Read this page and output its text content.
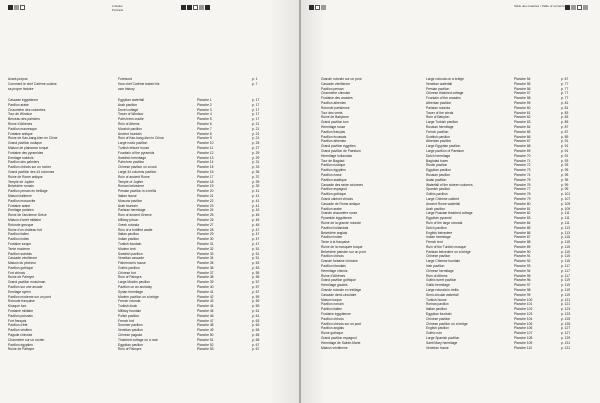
L'Atelier
Portraits
Avant-propos	Foreword	p. 1
Comment le chef Carême cuisine	How chef Carême baked his	p. 7
sa propre histoire	own history
Cascade égyptienne	Egyptian waterfall	Planche 1	p. 17
Pavillon arabe	Arab pavilion	Planche 2	p. 17
Chaumière des colombes	Dovel cottage	Planche 3	p. 17
Tour de Windsor	Tower of Windsor	Planche 4	p. 17
Berceau des palmiers	Palm trees cradle	Planche 5	p. 17
Ruine d'Athènes	Ruin of Athens	Planche 6	p. 21
Pavillon mauresque	Moorish pavilion	Planche 7	p. 21
Fontaine antique	Ancient fountain	Planche 8	p. 21
Ruine de Kan-kang-kien en Chine	Ruin of Kan-kang-kien in China	Planche 9	p. 21
Grand pavillon rustique	Large rustic pavilion	Planche 10	p. 25
Maison de plaisance turque	Turkish leisure house	Planche 11	p. 27
Fontaine des pyramides	Fountain of the pyramids	Planche 12	p. 29
Ermitage suédois	Swedish hermitage	Planche 13	p. 29
Pavillon des palmiers	Palm tree pavilion	Planche 14	p. 31
Pavillon chinois sur un rocher	Chinese pavilion on a rock	Planche 15	p. 33
Grand pavillon des 44 colonnes	Large 44 columns pavilion	Planche 16	p. 35
Ruine de Rome antique	Ruin of ancient Rome	Planche 17	p. 37
Temple de Jupiter	Temple of Jupiter	Planche 18	p. 39
Belvédère romain	Roman belvedere	Planche 19	p. 39
Pavillon persan en treillage	Persian pavilion in a trellis	Planche 20	p. 41
Maison italienne	Italian house	Planche 21	p. 41
Pavillon moscovite	Moscow pavilion	Planche 22	p. 41
Fontaine arabe	Arab fountain	Planche 23	p. 41
Ermitage parisien	Parisian hermitage	Planche 24	p. 43
Ruine de l'ancienne Grèce	Ruin of ancient Greece	Planche 25	p. 45
Maison d'arrêt militaire	Military prison	Planche 26	p. 45
Rotonde grecque	Greek rotunda	Planche 27	p. 45
Ruine d'un château fort	Ruin of a fortified castle	Planche 28	p. 47
Pavillon italien	Italian pavilion	Planche 29	p. 47
Pavillon indien	Indian pavilion	Planche 30	p. 47
Fontaine turque	Turkish fountain	Planche 31	p. 47
Tente moderne	Modern tent	Planche 32	p. 51
Pavillon suédois	Swedish pavilion	Planche 33	p. 51
Cascade vénitienne	Venetian cascade	Planche 34	p. 51
Maison du pêcheur	Fisherman's house	Planche 35	p. 53
Pavillon gothique	Gothic pavilion	Planche 36	p. 53
Fort chinois	Chinese fort	Planche 37	p. 55
Ruine de Palmyre	Ruin of Palmyra	Planche 38	p. 55
Grand pavillon musulman	Large Muslim pavilion	Planche 39	p. 57
Pavillon sur une arcade	Pavilion on an archway	Planche 40	p. 57
Ermitage syrien	Syrian hermitage	Planche 41	p. 57
Pavillon moderne sur un pont	Modern pavilion on a bridge	Planche 42	p. 59
Rotonde française	French rotunda	Planche 43	p. 59
Kiosque turc	Turkish kiosk	Planche 44	p. 59
Fontaine militaire	Military fountain	Planche 45	p. 61
Pavillon polonais	Polish pavilion	Planche 46	p. 61
Fort français	French fort	Planche 47	p. 63
Pavillon d'été	Summer pavilion	Planche 48	p. 63
Pavillon vénitien	Venetian pavilion	Planche 49	p. 65
Pagode chinoise	Chinese pagoda	Planche 50	p. 65
Chaumière sur un rocher	Thatched cottage on a rock	Planche 51	p. 65
Pavillon égyptien	Egyptian pavilion	Planche 52	p. 67
Ruine de Palmyre	Ruin of Palmyre	Planche 53	p. 67
Table des matières • Table of contents
Grande rotonde sur un pont	Large rotunda on a bridge	Planche 54	p. 67
Cascade vénitienne	Venetian waterfall	Planche 55	p. 77
Pavillon persan	Persian pavilion	Planche 56	p. 77
Chaumière chinoise	Chinese thatched cottage	Planche 57	p. 77
Fontaine des arcades	Fountain of the arcades	Planche 58	p. 77
Pavillon athénien	Athenian pavilion	Planche 59	p. 81
Rotonde parisienne	Parisian rotunda	Planche 60	p. 81
Tour des vents	Tower of the winds	Planche 61	p. 83
Ruine de Babylone	Ruin of Babylon	Planche 62	p. 83
Grand pavillon turc	Large Turkish pavilion	Planche 63	p. 85
Hermitage russe	Russian hermitage	Planche 64	p. 87
Pavillon français	French pavilion	Planche 65	p. 87
Pavillon écossais	Scottish pavilion	Planche 66	p. 89
Pavillon athénien	Athenian pavilion	Planche 67	p. 91
Grand pavillon égyptien	Large Egyptian pavilion	Planche 68	p. 91
Grand pavillon de Paestum	Large pavilion of Paestum	Planche 69	p. 91
Hermitage hollandais	Dutch hermitage	Planche 70	p. 91
Tour de Bagdad	Baghdad tower	Planche 71	p. 93
Pavillon rustique	Rustic pavilion	Planche 72	p. 93
Pavillon égyptien	Egyptian pavilion	Planche 73	p. 95
Pavillon russe	Russian pavilion	Planche 74	p. 95
Pavillon asiatique	Asian pavilion	Planche 75	p. 95
Cascade des seize colonnes	Waterfall of the sixteen columns	Planche 76	p. 99
Pavillon espagnol	Spanish pavilion	Planche 77	p. 99
Pavillon gothique	Gothic pavilion	Planche 78	p. 101
Grand cabinet chinois	Large Chinese cabinet	Planche 79	p. 107
Cascade de Rome antique	Ancient Rome waterfall	Planche 80	p. 109
Pavillon arabe	Arab pavilion	Planche 81	p. 109
Grande chaumière russe	Large Russian thatched cottage	Planche 82	p. 111
Pyramide égyptienne	Egyptian pyramid	Planche 83	p. 111
Ruine de la grande rotonde	Ruin of the large rotunda	Planche 84	p. 111
Pavillon hollandais	Dutch pavilion	Planche 85	p. 113
Belvédère anglais	English belvedere	Planche 86	p. 113
Pavillon indien	Indian hermitage	Planche 87	p. 115
Tente à la française	French tent	Planche 88	p. 115
Ruine de la mosquée turque	Ruin of the Turkish mosque	Planche 89	p. 115
Belvédère parisien sur un pont	Parisian belvedere on a bridge	Planche 90	p. 115
Pavillon chinois	Chinese pavilion	Planche 91	p. 115
Grande fontaine chinoise	Large Chinese fountain	Planche 92	p. 115
Pavillon irlandais	Irish pavilion	Planche 93	p. 117
Hermitage chinois	Chinese hermitage	Planche 94	p. 117
Ruine d'Athènes	Ruin of Athens	Planche 95	p. 117
Grand pavillon gothique	Gothic turret pavilion	Planche 96	p. 119
Hermitage gaulois	Gallic hermitage	Planche 97	p. 119
Grande rotonde en treillage	Large rotunda in trellis	Planche 98	p. 119
Cascade demi-circulaire	Semi-circular waterfall	Planche 99	p. 119
Maison turque	Turkish house	Planche 100	p. 121
Pavillon romain	Roman pavilion	Planche 101	p. 121
Pavillon italien	Italian pavilion	Planche 102	p. 123
Fontaine égyptienne	Egyptian fountain	Planche 103	p. 123
Pavillon chinois	Chinese pavilion	Planche 104	p. 125
Pavillon chinois sur un pont	Chinese pavilion on a bridge	Planche 105	p. 125
Pavillon anglais	English pavilion	Planche 106	p. 127
Ruine gothique	Gothic ruin	Planche 107	p. 127
Grand pavillon espagnol	Large Spanish pavilion	Planche 108	p. 129
Hermitage de Sainte-Marie	Saint Mary hermitage	Planche 109	p. 131
Maison vénitienne	Venetian house	Planche 110	p. 131
